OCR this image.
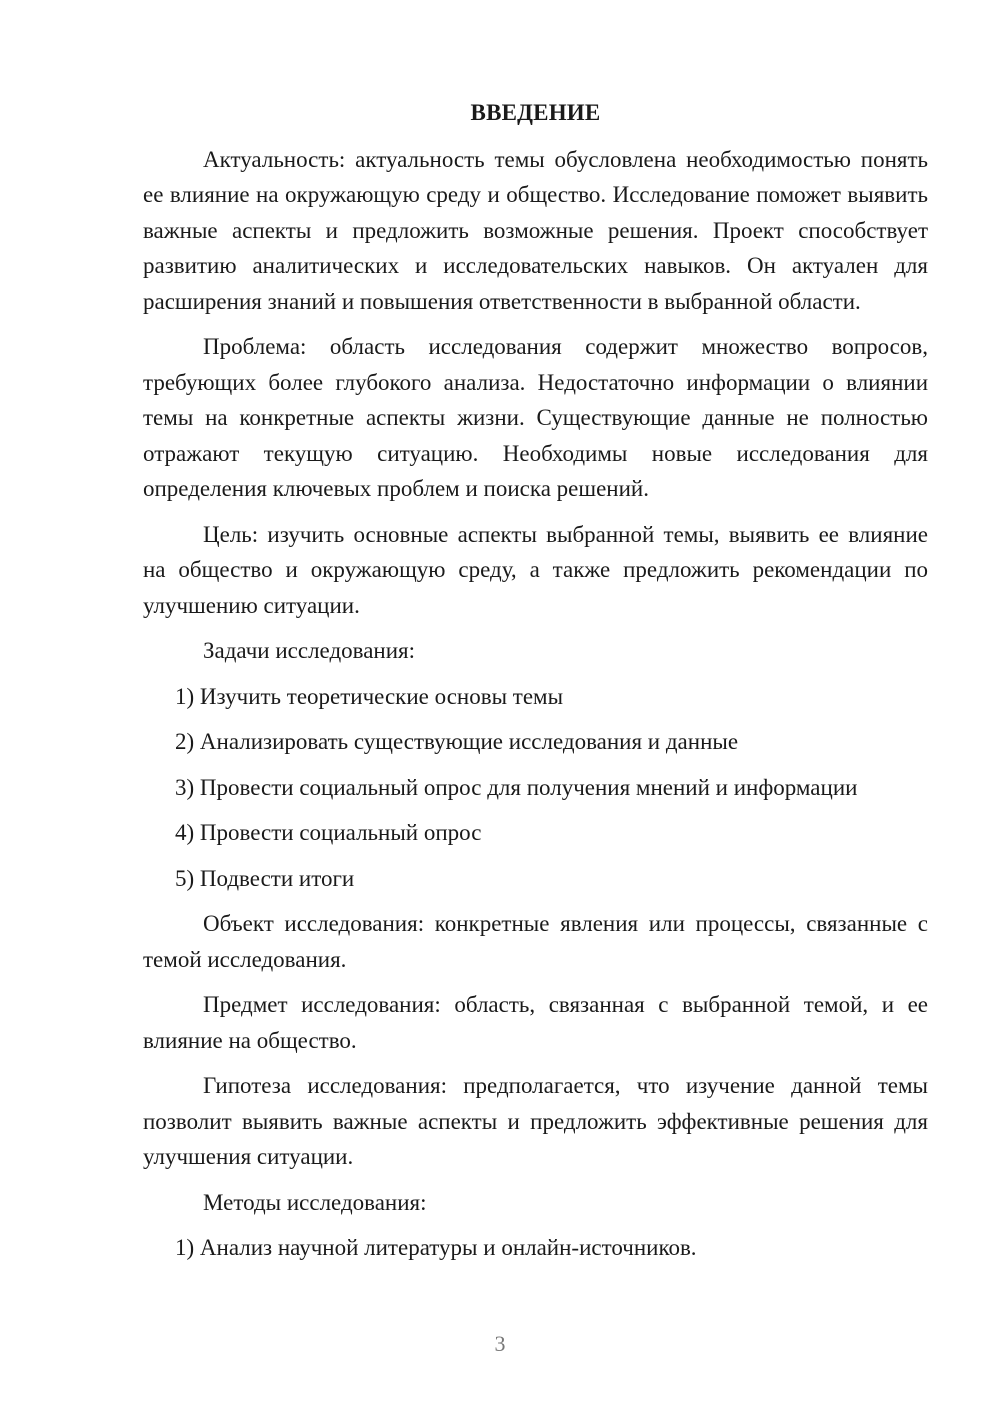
ВВЕДЕНИЕ

Актуальность: актуальность темы обусловлена необходимостью понять ее влияние на окружающую среду и общество. Исследование поможет выявить важные аспекты и предложить возможные решения. Проект способствует развитию аналитических и исследовательских навыков. Он актуален для расширения знаний и повышения ответственности в выбранной области.

Проблема: область исследования содержит множество вопросов, требующих более глубокого анализа. Недостаточно информации о влиянии темы на конкретные аспекты жизни. Существующие данные не полностью отражают текущую ситуацию. Необходимы новые исследования для определения ключевых проблем и поиска решений.

Цель: изучить основные аспекты выбранной темы, выявить ее влияние на общество и окружающую среду, а также предложить рекомендации по улучшению ситуации.

Задачи исследования:

1) Изучить теоретические основы темы
2) Анализировать существующие исследования и данные
3) Провести социальный опрос для получения мнений и информации
4) Провести социальный опрос
5) Подвести итоги

Объект исследования: конкретные явления или процессы, связанные с темой исследования.

Предмет исследования: область, связанная с выбранной темой, и ее влияние на общество.

Гипотеза исследования: предполагается, что изучение данной темы позволит выявить важные аспекты и предложить эффективные решения для улучшения ситуации.

Методы исследования:

1) Анализ научной литературы и онлайн-источников.
3
